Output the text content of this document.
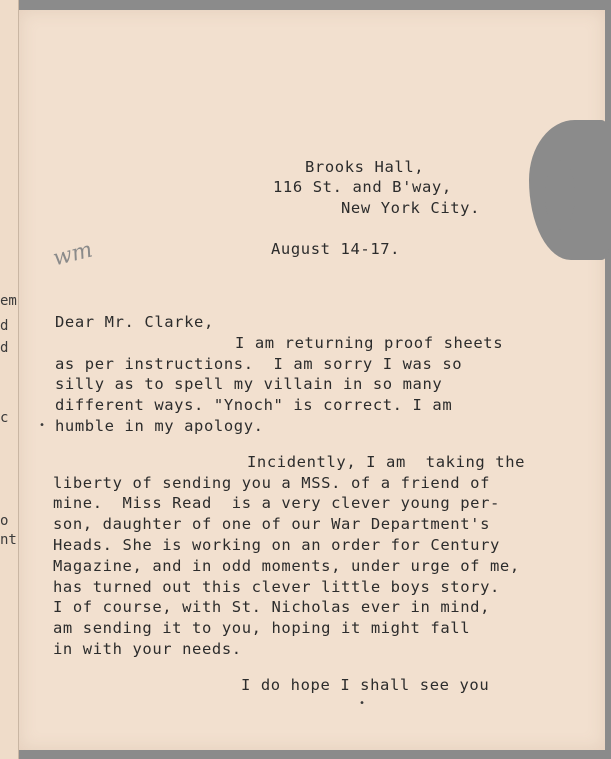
em
d
d
c
o
nt
wm
Brooks Hall,
116 St. and B'way,
New York City.
August 14-17.
Dear Mr. Clarke,
I am returning proof sheets
as per instructions.  I am sorry I was so
silly as to spell my villain in so many
different ways. "Ynoch" is correct. I am
humble in my apology.
•
Incidently, I am  taking the
liberty of sending you a MSS. of a friend of
mine.  Miss Read  is a very clever young per-
son, daughter of one of our War Department's
Heads. She is working on an order for Century
Magazine, and in odd moments, under urge of me,
has turned out this clever little boys story.
I of course, with St. Nicholas ever in mind,
am sending it to you, hoping it might fall
in with your needs.
I do hope I shall see you
•
